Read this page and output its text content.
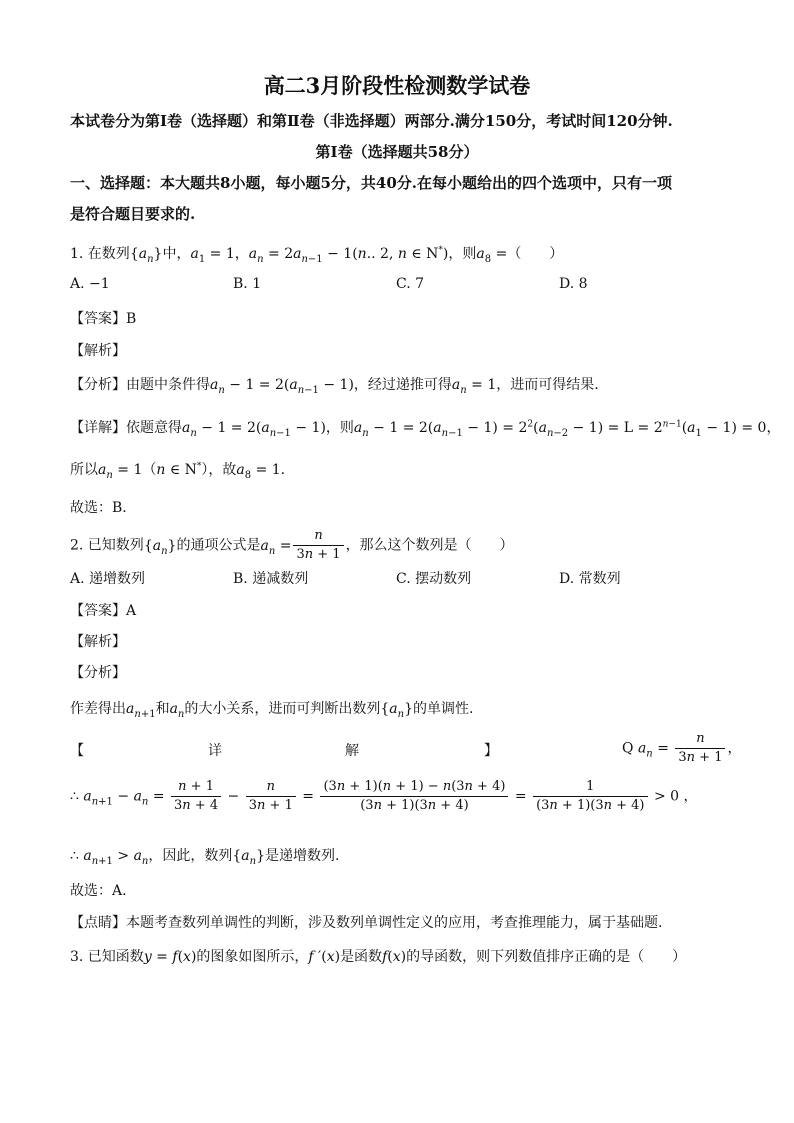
高二3月阶段性检测数学试卷
本试卷分为第Ⅰ卷（选择题）和第Ⅱ卷（非选择题）两部分.满分150分，考试时间120分钟.
第Ⅰ卷（选择题共58分）
一、选择题：本大题共8小题，每小题5分，共40分.在每小题给出的四个选项中，只有一项
是符合题目要求的.
1. 在数列$\{a_n\}$中，$a_1 = 1$，$a_n = 2a_{n-1} - 1(n$.. 2, n ∈ N*)，则$a_8$ =（　　）
A. −1	B. 1	C. 7	D. 8
【答案】B
【解析】
【分析】由题中条件得$a_n - 1 = 2(a_{n-1} - 1)$，经过递推可得$a_n = 1$，进而可得结果.
【详解】依题意得$a_n - 1 = 2(a_{n-1} - 1)$，则$a_n - 1 = 2(a_{n-1} - 1) = 2^2(a_{n-2} - 1) = L = 2^{n-1}(a_1 - 1) = 0$，
所以$a_n = 1(n$ ∈ N*），故$a_8 = 1$.
故选：B.
2. 已知数列$\{a_n\}$的通项公式是$a_n = \frac{n}{3n + 1}$ ，那么这个数列是（　　）
A. 递增数列	B. 递减数列	C. 摆动数列	D. 常数列
【答案】A
【解析】
【分析】
作差得出$a_{n+1}$和$a_n$的大小关系，进而可判断出数列$\{a_n\}$的单调性.
【	详	解	】	Q $a_n = \frac{n}{3n + 1}$ ，
∴ $a_{n+1} - a_n = \frac{n + 1}{3n + 4} - \frac{n}{3n + 1} = \frac{(3n + 1)(n + 1) - n(3n + 4)}{(3n + 1)(3n + 4)} = \frac{1}{(3n + 1)(3n + 4)} > 0$ ，
∴ $a_{n+1} > a_n$，因此，数列$\{a_n\}$是递增数列.
故选：A.
【点睛】本题考查数列单调性的判断，涉及数列单调性定义的应用，考查推理能力，属于基础题.
3. 已知函数y = f(x)的图象如图所示，f ′(x)是函数f(x)的导函数，则下列数值排序正确的是（　　）
